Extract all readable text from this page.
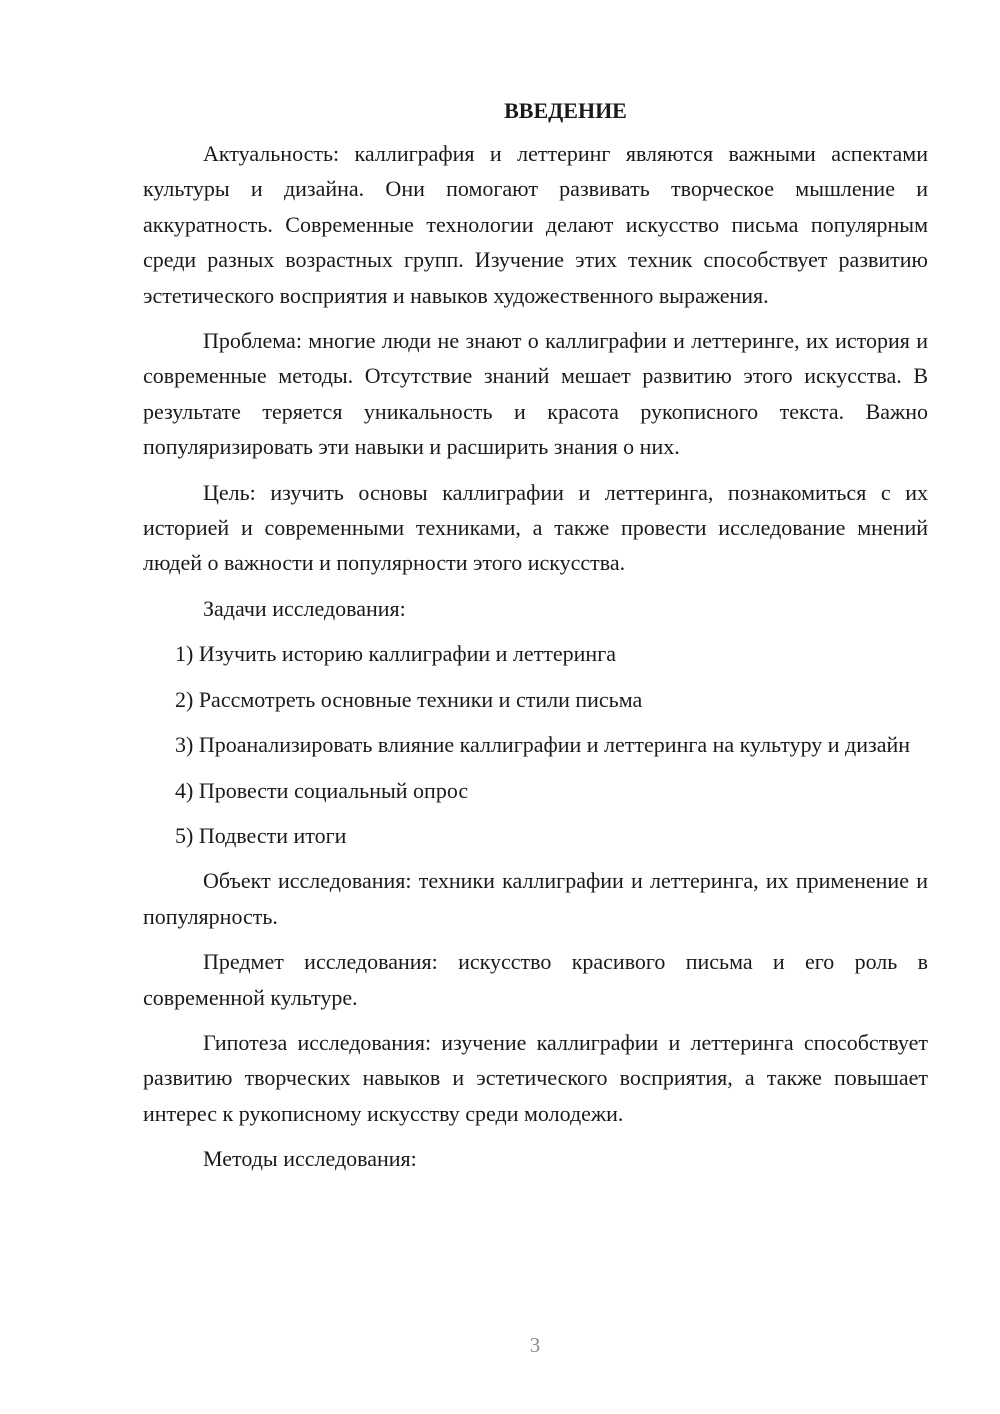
ВВЕДЕНИЕ

Актуальность: каллиграфия и леттеринг являются важными аспектами культуры и дизайна. Они помогают развивать творческое мышление и аккуратность. Современные технологии делают искусство письма популярным среди разных возрастных групп. Изучение этих техник способствует развитию эстетического восприятия и навыков художественного выражения.

Проблема: многие люди не знают о каллиграфии и леттеринге, их история и современные методы. Отсутствие знаний мешает развитию этого искусства. В результате теряется уникальность и красота рукописного текста. Важно популяризировать эти навыки и расширить знания о них.

Цель: изучить основы каллиграфии и леттеринга, познакомиться с их историей и современными техниками, а также провести исследование мнений людей о важности и популярности этого искусства.

Задачи исследования:

1) Изучить историю каллиграфии и леттеринга

2) Рассмотреть основные техники и стили письма

3) Проанализировать влияние каллиграфии и леттеринга на культуру и дизайн

4) Провести социальный опрос

5) Подвести итоги

Объект исследования: техники каллиграфии и леттеринга, их применение и популярность.

Предмет исследования: искусство красивого письма и его роль в современной культуре.

Гипотеза исследования: изучение каллиграфии и леттеринга способствует развитию творческих навыков и эстетического восприятия, а также повышает интерес к рукописному искусству среди молодежи.

Методы исследования:

3
